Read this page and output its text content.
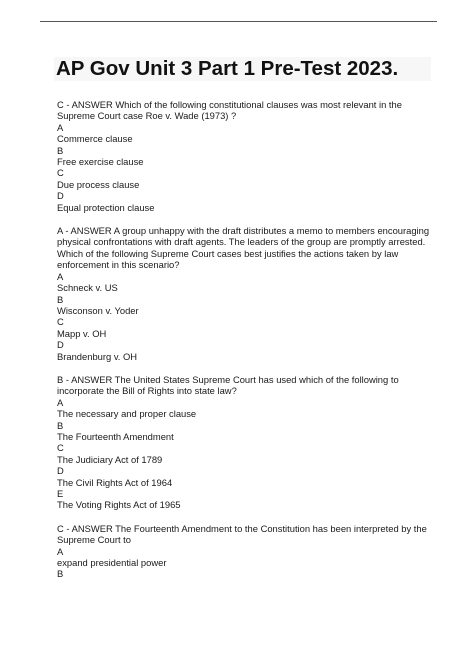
AP Gov Unit 3 Part 1 Pre-Test 2023.

C - ANSWER Which of the following constitutional clauses was most relevant in the Supreme Court case Roe v. Wade (1973) ?

A
Commerce clause
B
Free exercise clause
C
Due process clause
D
Equal protection clause

A - ANSWER A group unhappy with the draft distributes a memo to members encouraging physical confrontations with draft agents. The leaders of the group are promptly arrested. Which of the following Supreme Court cases best justifies the actions taken by law enforcement in this scenario?

A
Schneck v. US
B
Wisconson v. Yoder
C
Mapp v. OH
D
Brandenburg v. OH

B - ANSWER The United States Supreme Court has used which of the following to incorporate the Bill of Rights into state law?

A
The necessary and proper clause
B
The Fourteenth Amendment
C
The Judiciary Act of 1789
D
The Civil Rights Act of 1964
E
The Voting Rights Act of 1965

C - ANSWER The Fourteenth Amendment to the Constitution has been interpreted by the Supreme Court to

A
expand presidential power
B
